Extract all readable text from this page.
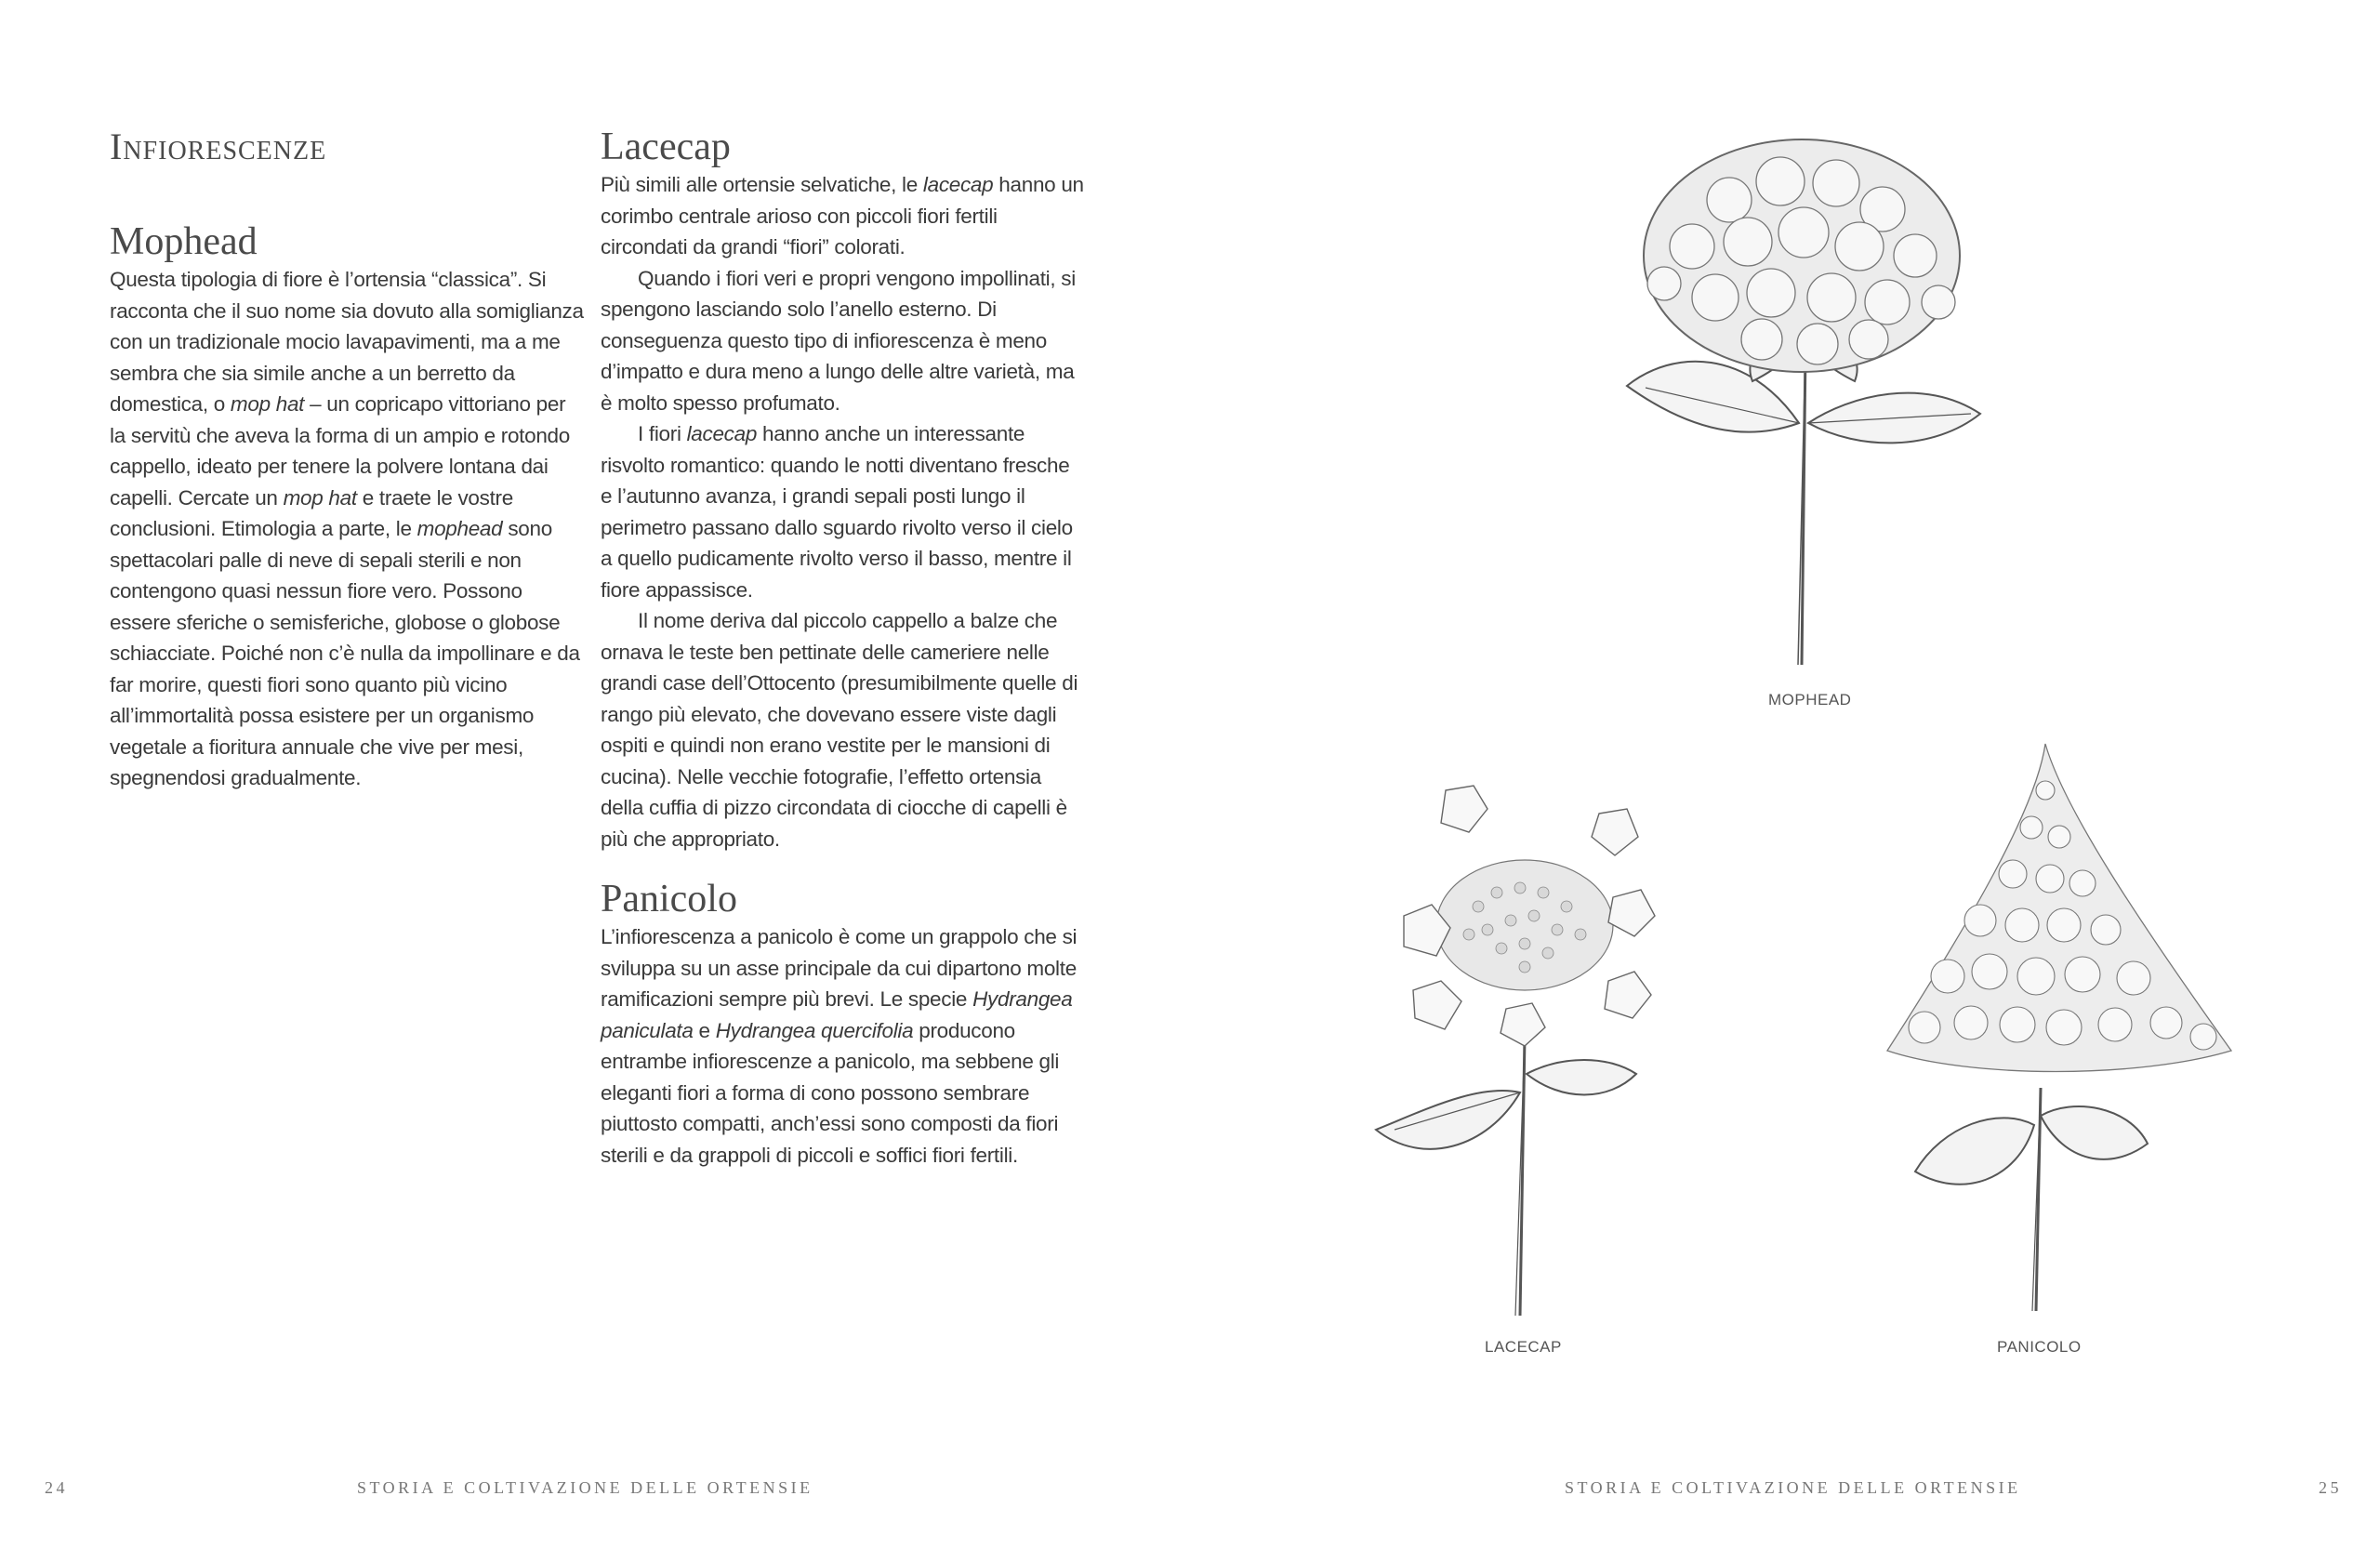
Infiorescenze
Mophead

Questa tipologia di fiore è l’ortensia “classica”. Si racconta che il suo nome sia dovuto alla somiglianza con un tradizionale mocio lavapavimenti, ma a me sembra che sia simile anche a un berretto da domestica, o mop hat – un copricapo vittoriano per la servitù che aveva la forma di un ampio e rotondo cappello, ideato per tenere la polvere lontana dai capelli. Cercate un mop hat e traete le vostre conclusioni. Etimologia a parte, le mophead sono spettacolari palle di neve di sepali sterili e non contengono quasi nessun fiore vero. Possono essere sferiche o semisferiche, globose o globose schiacciate. Poiché non c’è nulla da impollinare e da far morire, questi fiori sono quanto più vicino all’immortalità possa esistere per un organismo vegetale a fioritura annuale che vive per mesi, spegnendosi gradualmente.

Lacecap

Più simili alle ortensie selvatiche, le lacecap hanno un corimbo centrale arioso con piccoli fiori fertili circondati da grandi “fiori” colorati.

Quando i fiori veri e propri vengono impollinati, si spengono lasciando solo l’anello esterno. Di conseguenza questo tipo di infiorescenza è meno d’impatto e dura meno a lungo delle altre varietà, ma è molto spesso profumato.

I fiori lacecap hanno anche un interessante risvolto romantico: quando le notti diventano fresche e l’autunno avanza, i grandi sepali posti lungo il perimetro passano dallo sguardo rivolto verso il cielo a quello pudicamente rivolto verso il basso, mentre il fiore appassisce.

Il nome deriva dal piccolo cappello a balze che ornava le teste ben pettinate delle cameriere nelle grandi case dell’Ottocento (presumibilmente quelle di rango più elevato, che dovevano essere viste dagli ospiti e quindi non erano vestite per le mansioni di cucina). Nelle vecchie fotografie, l’effetto ortensia della cuffia di pizzo circondata di ciocche di capelli è più che appropriato.

Panicolo

L’infiorescenza a panicolo è come un grappolo che si sviluppa su un asse principale da cui dipartono molte ramificazioni sempre più brevi. Le specie Hydrangea paniculata e Hydrangea quercifolia producono entrambe infiorescenze a panicolo, ma sebbene gli eleganti fiori a forma di cono possono sembrare piuttosto compatti, anch’essi sono composti da fiori sterili e da grappoli di piccoli e soffici fiori fertili.

MOPHEAD
LACECAP	PANICOLO
24	STORIA E COLTIVAZIONE DELLE ORTENSIE	STORIA E COLTIVAZIONE DELLE ORTENSIE	25
